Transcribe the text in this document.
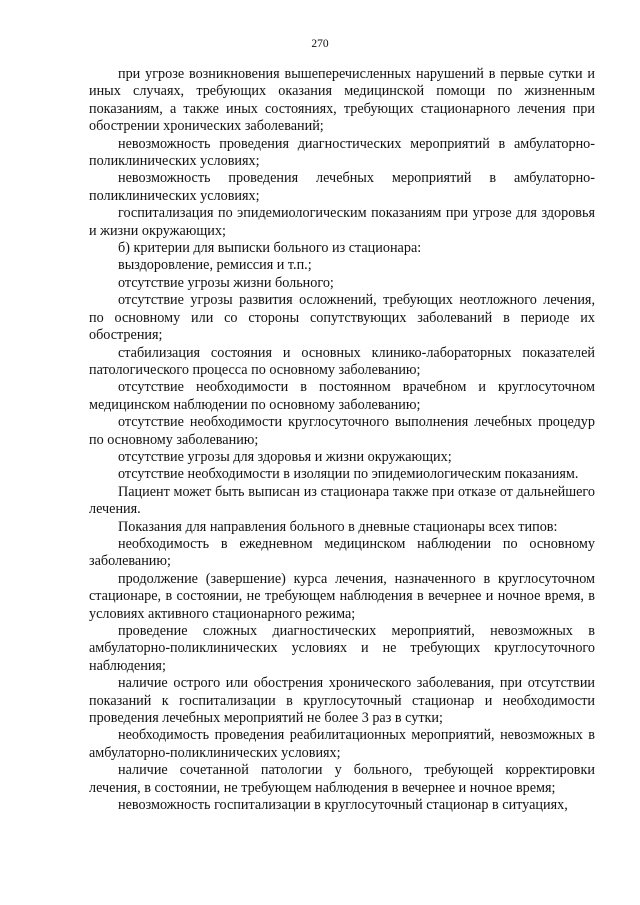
270

при угрозе возникновения вышеперечисленных нарушений в первые сутки и иных случаях, требующих оказания медицинской помощи по жизненным показаниям, а также иных состояниях, требующих стационарного лечения при обострении хронических заболеваний;

невозможность проведения диагностических мероприятий в амбулаторно-поликлинических условиях;

невозможность проведения лечебных мероприятий в амбулаторно-поликлинических условиях;

госпитализация по эпидемиологическим показаниям при угрозе для здоровья и жизни окружающих;

б) критерии для выписки больного из стационара:

выздоровление, ремиссия и т.п.;

отсутствие угрозы жизни больного;

отсутствие угрозы развития осложнений, требующих неотложного лечения, по основному или со стороны сопутствующих заболеваний в периоде их обострения;

стабилизация состояния и основных клинико-лабораторных показателей патологического процесса по основному заболеванию;

отсутствие необходимости в постоянном врачебном и круглосуточном медицинском наблюдении по основному заболеванию;

отсутствие необходимости круглосуточного выполнения лечебных процедур по основному заболеванию;

отсутствие угрозы для здоровья и жизни окружающих;

отсутствие необходимости в изоляции по эпидемиологическим показаниям.

Пациент может быть выписан из стационара также при отказе от дальнейшего лечения.

Показания для направления больного в дневные стационары всех типов:

необходимость в ежедневном медицинском наблюдении по основному заболеванию;

продолжение (завершение) курса лечения, назначенного в круглосуточном стационаре, в состоянии, не требующем наблюдения в вечернее и ночное время, в условиях активного стационарного режима;

проведение сложных диагностических мероприятий, невозможных в амбулаторно-поликлинических условиях и не требующих круглосуточного наблюдения;

наличие острого или обострения хронического заболевания, при отсутствии показаний к госпитализации в круглосуточный стационар и необходимости проведения лечебных мероприятий не более 3 раз в сутки;

необходимость проведения реабилитационных мероприятий, невозможных в амбулаторно-поликлинических условиях;

наличие сочетанной патологии у больного, требующей корректировки лечения, в состоянии, не требующем наблюдения в вечернее и ночное время;

невозможность госпитализации в круглосуточный стационар в ситуациях,
